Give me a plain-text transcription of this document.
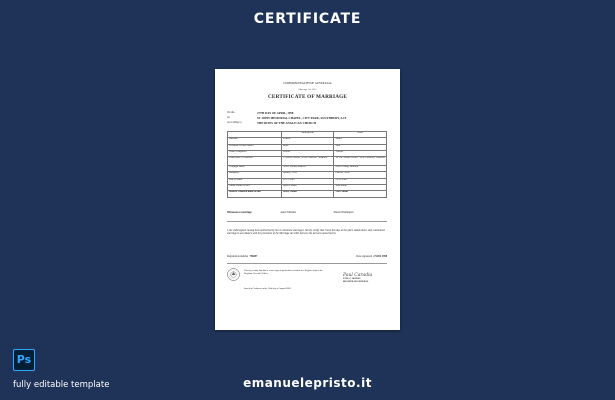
CERTIFICATE
COMMONWEALTH OF AUSTRALIA
Marriage Act 1961
CERTIFICATE OF MARRIAGE
On the	27TH DAY OF APRIL, 1998
At	ST JOHN MEMORIAL CHAPEL, CITY PARK, SOUTHBURY, ACT
According to	THE RITES OF THE ANGLICAN CHURCH
	Bridegroom	Bride
Surname	Cobain	Smith
Christian or other names	Mark	Sara
Usual occupation	Doctor	Teacher
Usual place of residence	12 Roses Avenue, NSW Canberra, Australia	18 The Albion Avenue, NSW Canberra, Australia
Conjugal status	Never Validly Married	Never Validly Married
Birthplace	Sydney, NSW	Darwin, NSW
Date of Birth	21/12/1969	22/12/1969
Father's name in full	Jason Cobain	John Smith
Mother's maiden name in full	Mary Adams	Alice Smith
Witnesses to marriage	Anne Williams	Daniel Washington
I, the undersigned, having been authorised by law to solemnise marriages, hereby certify that I have this day, at the place stated above, duly solemnised marriage in accordance with the provisions of the Marriage Act 1961 between the persons named herein.
Registration number  756697	Date registered  2 MAY 1998
I hereby certify that this is a true copy of particulars recorded in a Register kept in the Registrar General's Office.
Issued at Canberra on the 10th day of August 2003
Paul Caradia
PAUL CARADIA
REGISTRAR GENERAL
Ps
fully editable template	emanuelepristo.it
